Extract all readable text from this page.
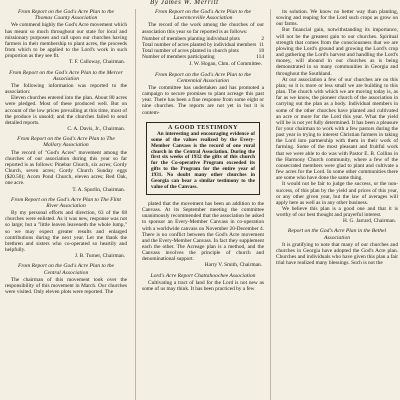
By James W. Merritt
From Report on the God's Acre Plan to the Thomas County Association

We commend highly the God's Acre movement which has meant so much throughout our state for local and missionary purposes and call upon our churches having farmers in their membership to plant acres, the proceeds from which to be applied to the Lord's work in such proportion as they see fit.

T. F. Calloway, Chairman.
From Report on the God's Acre Plan to the Mercer Association

The following information was reported to the association:

Eleven churches entered into the plan. About 80 acres were pledged. Most of these produced well. But on account of the low prices prevailing at this time, most of the produce is unsold; and the churches failed to send detailed reports.

C. A. Davis, Jr., Chairman.
From Report on the God's Acre Plan to The Mallary Association

The record of "God's Acres" movement among the churches of our association during this year so far reported is as follows: Pinebar Church, six acres; Gordy Church, seven acres; Gordy Church Sunday eggs ($20.50); Acorn Pond Church, eleven acres; Red Oak, one acre.

T. A. Spurlin, Chairman.
From Report on the God's Acre Plan to The Flint River Association

By my personal efforts and direction, 63 of the 68 churches were enlisted. As it was new, response was not so large; but a "little leaven leaveneth the whole lump," so we may expect greater results and enlarged contributions during the next year. Let me thank the brethren and sisters who co-operated so heartily and helpfully.

J. B. Turner, Chairman.
From Report on the God's Acre Plan to the Central Association

The chairman of this movement took over the responsibility of this movement in March. Our churches were visited. Only eleven plots were reported. The

From Report on the God's Acre Plan to the Lawrenceville Association

The record of the work among the churches of our association this year so far reported is as follows:

Number of members planting individual plots	2
Total number of acres planted by individual members 11
Total number of acres planted in church plots	18
Number of members participating	114
J. W. Hogan, Chm. of Committee.
From Report on the God's Acre Plan to the Centennial Association

The committee has undertaken and has promoted a campaign to secure promises to plant acreage this past year. There has been a fine response from some eight or nine churches. The reports are not yet in but it is contem-

A GOOD TESTIMONY
An interesting and encouraging evidence of some of the values realized by the Every-Member Canvass is the record of one rural church in the Central Association. During the first six weeks of 1932 the gifts of this church for the Co-operative Program exceeded its gifts to the Program for the entire year of 1931. No doubt many other churches in Georgia can bear a similar testimony to the value of the Canvass.

plated that the movement has been an addition to the Canvass. At its September meeting the committee unanimously recommended that the association be asked to sponsor an Every-Member Canvass in co-operation with a worldwide canvass on November 20-December 4. There is no conflict between the God's Acre movement and the Every-Member Canvass. In fact they supplement each the other. The Acreage plan is a method, and the Canvass involves the principle of church and denominational support.

Harry V. Smith, Chairman.
Lord's Acre Report Chattahoochee Association

Cultivating a tract of land for the Lord is not new as some of us may think. It has been practiced by a few

its solution. We know no better way than planting, sowing and reaping for the Lord such crops as grow on our farms.

But financial gain, notwithstanding its importance, will not be the greatest gain to our churches. Spiritual strength that comes from the consciousness that we are plowing the Lord's ground and growing the Lord's crop and gathering the Lord's harvest and handling the Lord's money, will abound in our churches as is being demonstrated in so many communities in Georgia and throughout the Southland.

At our association a few of our churches are on this plan; so it is more or less small we are building to this plan. The church with which we are moving today is, as far as we know, the pioneer church of the association in carrying out the plan as a body. Individual members in some of the other churches have planted and cultivated an acre or more for the Lord this year. What the yield will be is not yet fully determined. It has been a pleasure for your chairman to work with a few pastors during the past year in trying to interest Christian farmers in taking the Lord into partnership with them in their work of farming. Some of the most pleasant and fruitful work that we were able to do was with Pastor E. B. Collins in the Harmony Church community, where a few of the consecrated members were glad to plant and cultivate a few acres for the Lord. In some other communities there are some who have done the same thing.

It would not be fair to judge the success, or the non-success, of this plan by the yield and prices of this year, or any other given year, but the law of averages will apply here as well as in any other business.

We believe this plan is a good one and that it is worthy of our best thought and prayerful interest.

H. G. Jarrard, Chairman.
Report on the God's Acre Plan in the Bethel Association

It is gratifying to note that many of our churches and churches in Georgia have adopted the God's Acre plan. Churches and individuals who have given this plan a fair trial have realized many blessings. Such is not the
